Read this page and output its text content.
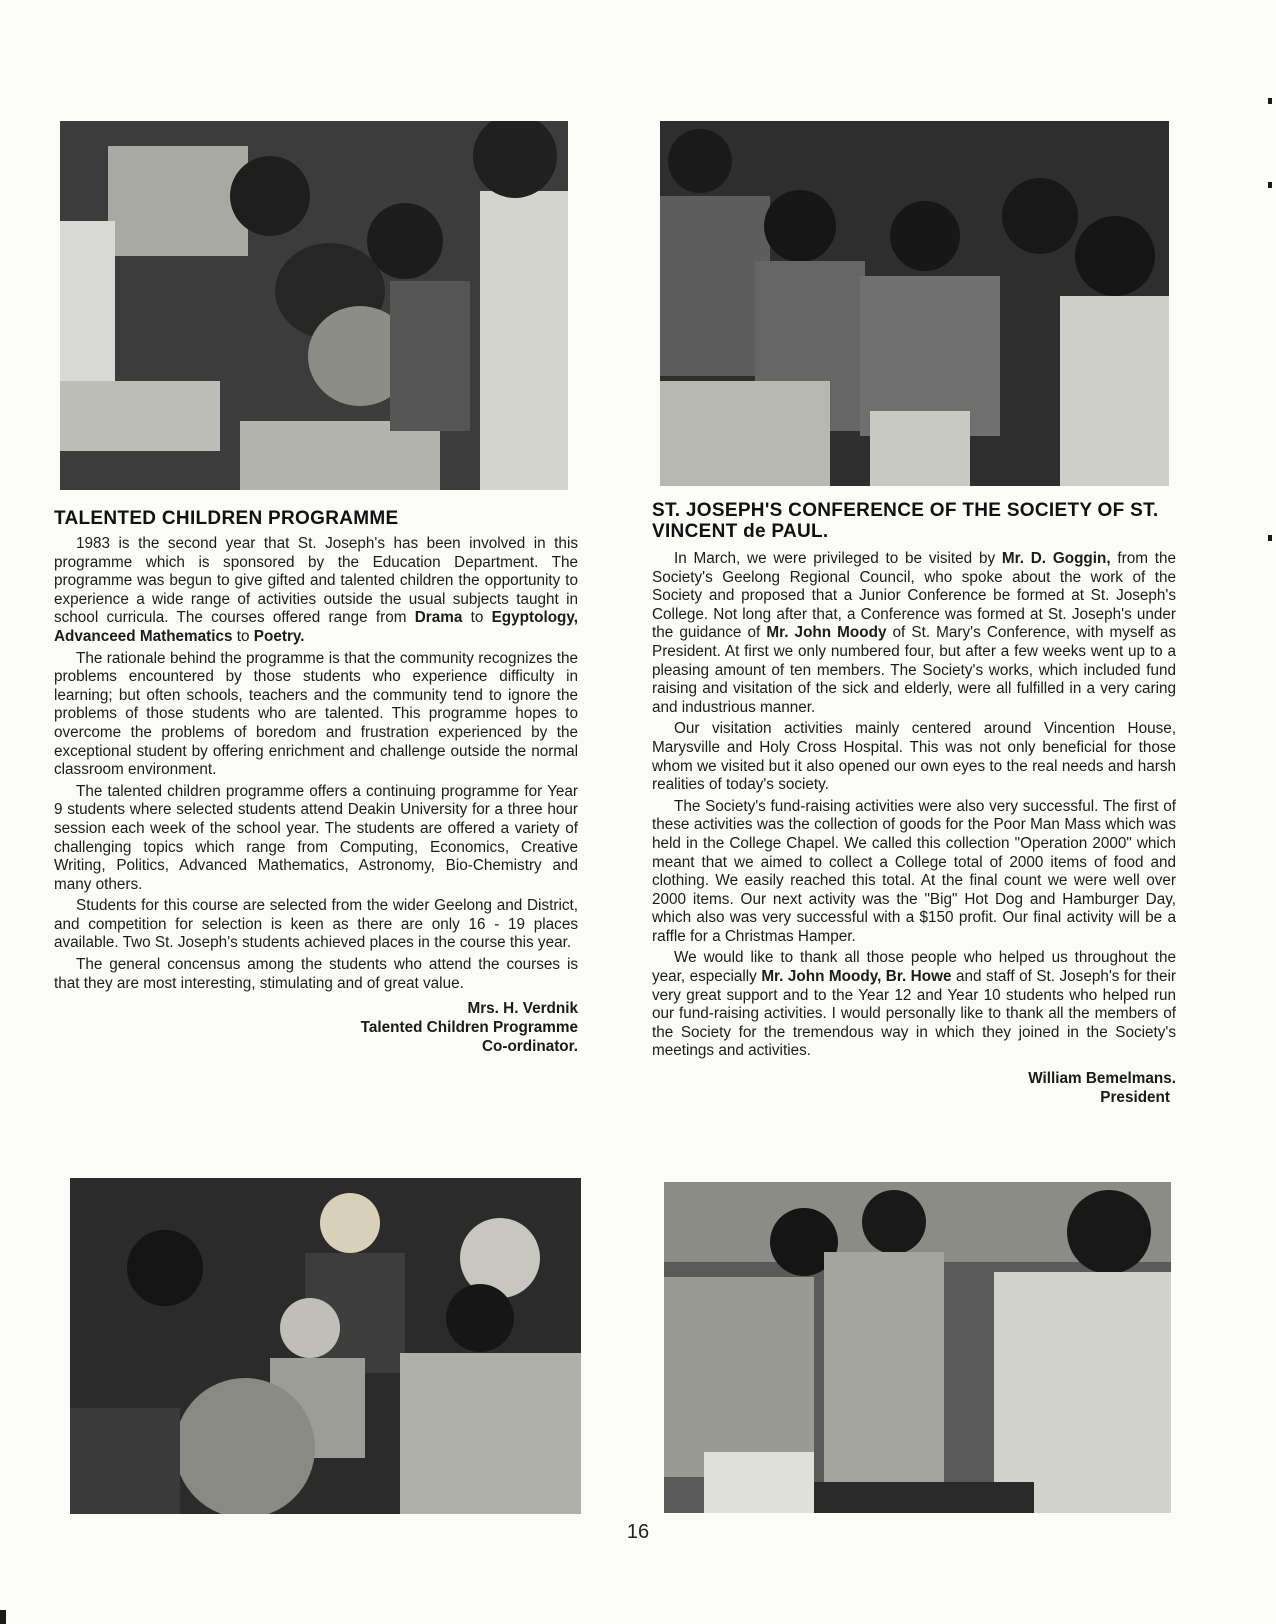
TALENTED CHILDREN PROGRAMME

1983 is the second year that St. Joseph's has been involved in this programme which is sponsored by the Education Department. The programme was begun to give gifted and talented children the opportunity to experience a wide range of activities outside the usual subjects taught in school curricula. The courses offered range from Drama to Egyptology, Advanceed Mathematics to Poetry.

The rationale behind the programme is that the community recognizes the problems encountered by those students who experience difficulty in learning; but often schools, teachers and the community tend to ignore the problems of those students who are talented. This programme hopes to overcome the problems of boredom and frustration experienced by the exceptional student by offering enrichment and challenge outside the normal classroom environment.

The talented children programme offers a continuing programme for Year 9 students where selected students attend Deakin University for a three hour session each week of the school year. The students are offered a variety of challenging topics which range from Computing, Economics, Creative Writing, Politics, Advanced Mathematics, Astronomy, Bio-Chemistry and many others.

Students for this course are selected from the wider Geelong and District, and competition for selection is keen as there are only 16 - 19 places available. Two St. Joseph's students achieved places in the course this year.

The general concensus among the students who attend the courses is that they are most interesting, stimulating and of great value.

Mrs. H. Verdnik
Talented Children Programme
Co-ordinator.
ST. JOSEPH'S CONFERENCE OF THE SOCIETY OF ST. VINCENT de PAUL.

In March, we were privileged to be visited by Mr. D. Goggin, from the Society's Geelong Regional Council, who spoke about the work of the Society and proposed that a Junior Conference be formed at St. Joseph's College. Not long after that, a Conference was formed at St. Joseph's under the guidance of Mr. John Moody of St. Mary's Conference, with myself as President. At first we only numbered four, but after a few weeks went up to a pleasing amount of ten members. The Society's works, which included fund raising and visitation of the sick and elderly, were all fulfilled in a very caring and industrious manner.

Our visitation activities mainly centered around Vincention House, Marysville and Holy Cross Hospital. This was not only beneficial for those whom we visited but it also opened our own eyes to the real needs and harsh realities of today's society.

The Society's fund-raising activities were also very successful. The first of these activities was the collection of goods for the Poor Man Mass which was held in the College Chapel. We called this collection "Operation 2000" which meant that we aimed to collect a College total of 2000 items of food and clothing. We easily reached this total. At the final count we were well over 2000 items. Our next activity was the "Big" Hot Dog and Hamburger Day, which also was very successful with a $150 profit. Our final activity will be a raffle for a Christmas Hamper.

We would like to thank all those people who helped us throughout the year, especially Mr. John Moody, Br. Howe and staff of St. Joseph's for their very great support and to the Year 12 and Year 10 students who helped run our fund-raising activities. I would personally like to thank all the members of the Society for the tremendous way in which they joined in the Society's meetings and activities.

William Bemelmans.
President
16
